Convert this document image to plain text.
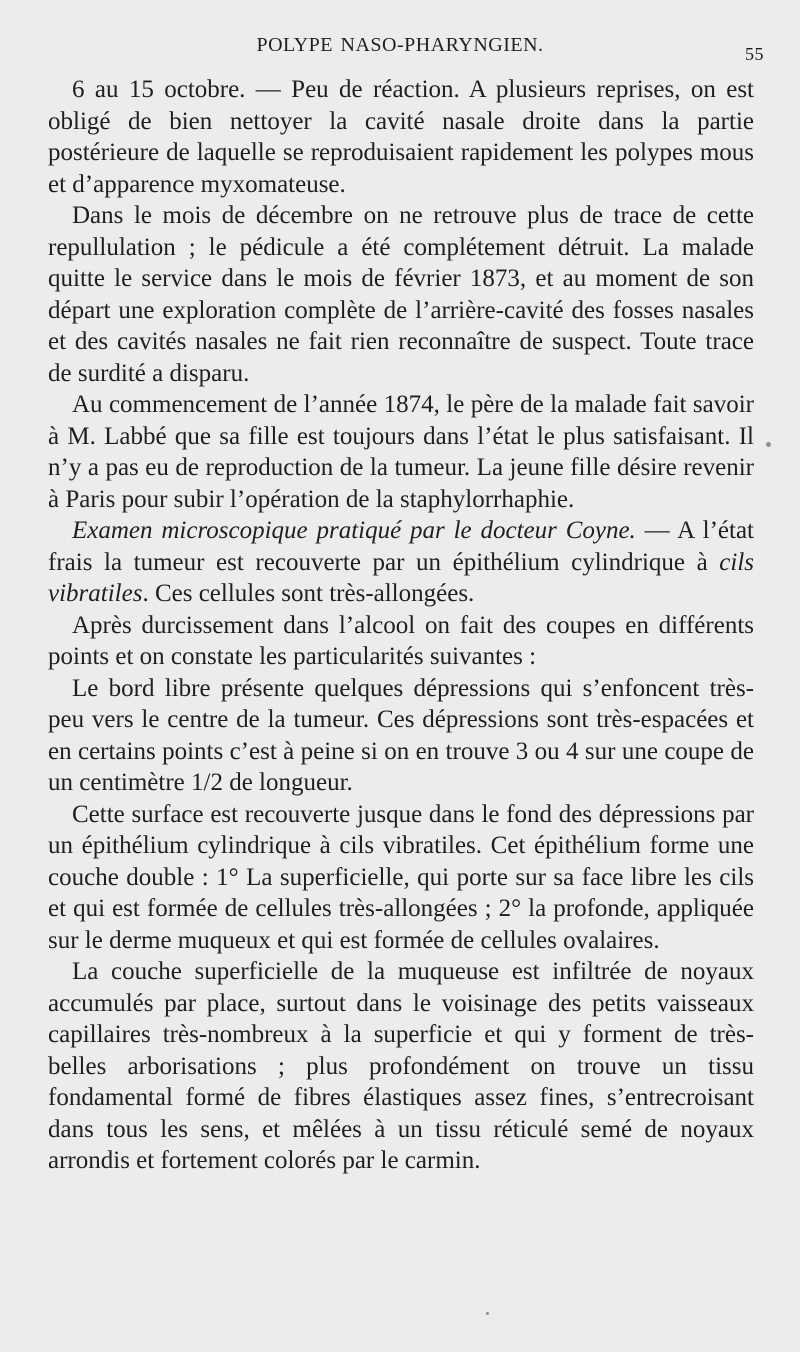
POLYPE NASO-PHARYNGIEN.	55

6 au 15 octobre. — Peu de réaction. A plusieurs reprises, on est obligé de bien nettoyer la cavité nasale droite dans la partie postérieure de laquelle se reproduisaient rapidement les polypes mous et d’apparence myxomateuse.

Dans le mois de décembre on ne retrouve plus de trace de cette repullulation ; le pédicule a été complétement détruit. La malade quitte le service dans le mois de février 1873, et au moment de son départ une exploration complète de l’arrière-cavité des fosses nasales et des cavités nasales ne fait rien reconnaître de suspect. Toute trace de surdité a disparu.

Au commencement de l’année 1874, le père de la malade fait savoir à M. Labbé que sa fille est toujours dans l’état le plus satisfaisant. Il n’y a pas eu de reproduction de la tumeur. La jeune fille désire revenir à Paris pour subir l’opération de la staphylorrhaphie.

Examen microscopique pratiqué par le docteur Coyne. — A l’état frais la tumeur est recouverte par un épithélium cylindrique à cils vibratiles. Ces cellules sont très-allongées.

Après durcissement dans l’alcool on fait des coupes en différents points et on constate les particularités suivantes :

Le bord libre présente quelques dépressions qui s’enfoncent très-peu vers le centre de la tumeur. Ces dépressions sont très-espacées et en certains points c’est à peine si on en trouve 3 ou 4 sur une coupe de un centimètre 1/2 de longueur.

Cette surface est recouverte jusque dans le fond des dépressions par un épithélium cylindrique à cils vibratiles. Cet épithélium forme une couche double : 1° La superficielle, qui porte sur sa face libre les cils et qui est formée de cellules très-allongées ; 2° la profonde, appliquée sur le derme muqueux et qui est formée de cellules ovalaires.

La couche superficielle de la muqueuse est infiltrée de noyaux accumulés par place, surtout dans le voisinage des petits vaisseaux capillaires très-nombreux à la superficie et qui y forment de très-belles arborisations ; plus profondément on trouve un tissu fondamental formé de fibres élastiques assez fines, s’entrecroisant dans tous les sens, et mêlées à un tissu réticulé semé de noyaux arrondis et fortement colorés par le carmin.
